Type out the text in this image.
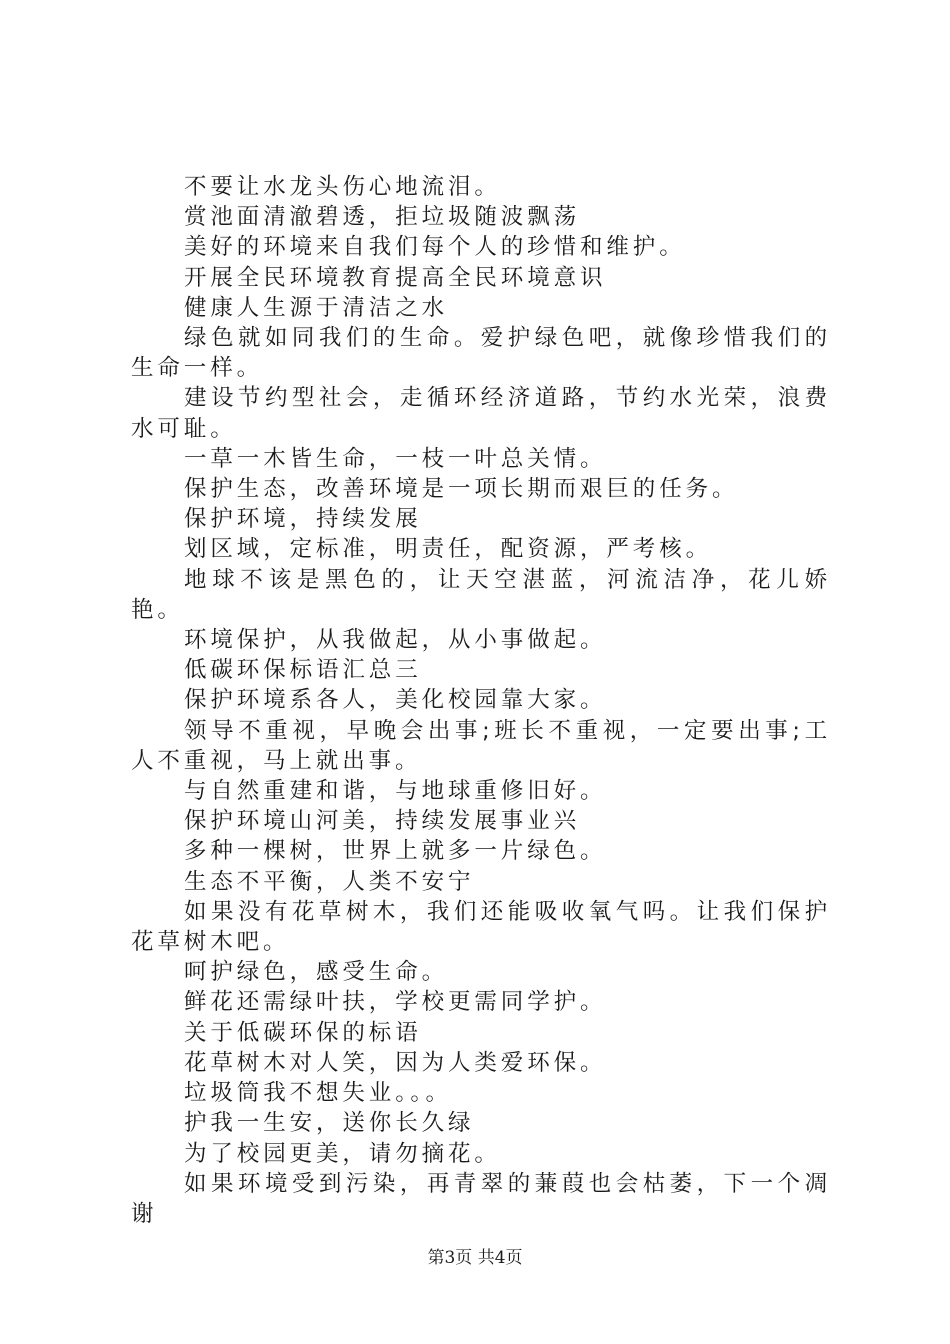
不要让水龙头伤心地流泪。

赏池面清澈碧透，拒垃圾随波飘荡

美好的环境来自我们每个人的珍惜和维护。

开展全民环境教育提高全民环境意识

健康人生源于清洁之水

绿色就如同我们的生命。爱护绿色吧，就像珍惜我们的生命一样。

建设节约型社会，走循环经济道路，节约水光荣，浪费水可耻。

一草一木皆生命，一枝一叶总关情。

保护生态，改善环境是一项长期而艰巨的任务。

保护环境，持续发展

划区域，定标准，明责任，配资源，严考核。

地球不该是黑色的，让天空湛蓝，河流洁净，花儿娇艳。

环境保护，从我做起，从小事做起。

低碳环保标语汇总三

保护环境系各人，美化校园靠大家。

领导不重视，早晚会出事;班长不重视，一定要出事;工人不重视，马上就出事。

与自然重建和谐，与地球重修旧好。

保护环境山河美，持续发展事业兴

多种一棵树，世界上就多一片绿色。

生态不平衡，人类不安宁

如果没有花草树木，我们还能吸收氧气吗。让我们保护花草树木吧。

呵护绿色，感受生命。

鲜花还需绿叶扶，学校更需同学护。

关于低碳环保的标语

花草树木对人笑，因为人类爱环保。

垃圾筒我不想失业。。。

护我一生安，送你长久绿

为了校园更美，请勿摘花。

如果环境受到污染，再青翠的蒹葭也会枯萎，下一个凋谢

第3页 共4页
